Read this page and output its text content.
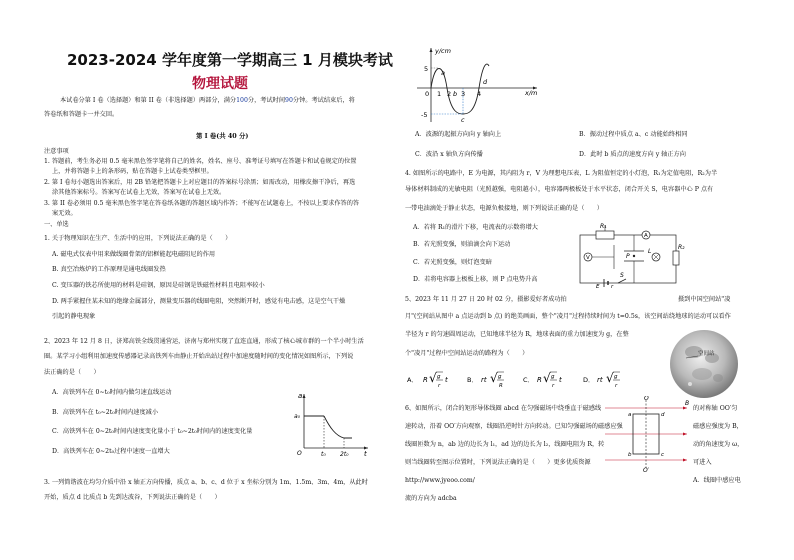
2023-2024 学年度第一学期高三 1 月模块考试
物理试题
本试卷分第 I 卷（选择题）和第 II 卷（非选择题）两部分，满分100分，考试时间90分钟。考试结束后，将
答卷纸和答题卡一并交回。
第 I 卷(共 40 分)
注意事项
1. 答题前，考生务必用 0.5 毫米黑色签字笔将自己的姓名，姓名、座号、准考证号填写在答题卡和试卷规定的位置
上，并将答题卡上的条形码，贴在答题卡上试卷类型框里。
2. 第 I 卷每小题选出答案后，用 2B 铅笔把答题卡上对应题目的答案标号涂黑；如需改动，用橡皮擦干净后，再选
涂其他答案标号。答案写在试卷上无效，答案写在试卷上无效。
3. 第 II 卷必须用 0.5 毫米黑色签字笔在答卷纸各题的答题区域内作答；不能写在试题卷上，不按以上要求作答的答
案无效。
一、单选
1. 关于物理知识在生产、生活中的应用，下列说法正确的是（　　）
A. 磁电式仪表中用来做线圈骨架的铝框能起电磁阻尼的作用
B. 真空冶炼炉的工作原理是通电线圈发热
C. 变压器的铁芯所使用的材料是硅钢，原因是硅钢是铁磁性材料且电阻率较小
D. 两手紧握住某未知的绝缘金属部分，测量变压器的线圈电阻，突然断开时，感觉有电击感，这是空气干燥
引起的静电现象
2、2023 年 12 月 8 日，济郑高铁全线贯通营运，济南与郑州实现了直连直通，形成了核心城市群的一个半小时生活
圈。某学习小组利用加速度传感器记录高铁列车由静止开始出站过程中加速度随时间的变化情况如图所示，下列说
法正确的是（　　）
A．高铁列车在 0~t₀时间内做匀速直线运动
B．高铁列车在 t₀~2t₀时间内速度减小
C．高铁列车在 0~2t₀时间内速度变化量小于 t₀~2t₀时间内的速度变化量
D．高铁列车在 0~2t₀过程中速度一直增大
a
a₀
O	t₀ 2t₀ t
3. 一列简谐波在均匀介质中沿 x 轴正方向传播，质点 a、b、c、d 位于 x 坐标分别为 1m、1.5m、3m、4m，从此时
开始，质点 d 比质点 b 先到达波谷，下列说法正确的是（　　）
y/cm
x/m
5
-5
0 1 2 3 4
a
b
c
d
A．波源的起振方向向 y 轴向上	B．振动过程中质点 a、c 动能始终相同
C．波沿 x 轴负方向传播	D．此时 b 质点的速度方向 y 轴正方向
4. 如图所示的电路中，E 为电源，其内阻为 r，V 为理想电压表，L 为阻值恒定的小灯泡，R₁为定值电阻，R₂为半
导体材料制成的光敏电阻（光照越强，电阻越小），电容器两极板处于水平状态，闭合开关 S，电容器中心 P 点有
一带电油滴处于静止状态，电源负极接地，则下列说法正确的是（　　）
A．若将 R₁的滑片下移，电流表的示数将增大
B．若光照变强，则油滴会向下运动
C．若光照变强，则灯泡变暗
D．若将电容器上极板上移，则 P 点电势升高
R₁
A
V	P
L
R₂
E r
S
5、2023 年 11 月 27 日 20 时 02 分，摄影爱好者成功拍	摄到中国空间站"凌
月"(空间站从图中 a 点运动到 b 点) 的绝美画面，整个"凌月"过程持续时间为 t=0.5s，该空间站绕地球的运动可以看作
半径为 r 的匀速圆周运动，已知地球半径为 R，地球表面的重力加速度为 g，在整
个"凌月"过程中空间站运动的路程为（　　）
A． R √ g
r
t	B． rt √ g
R
C． R √ g
r
t	D． rt √ g
r
空间站
6、如图所示，闭合的矩形导体线圈 abcd 在匀强磁场中绕垂直于磁感线	的对称轴 OO′匀
速转动，沿着 OO′方向观察，线圈沿逆时针方向转动。已知匀强磁场的磁感应强	磁感应强度为 B，
线圈匝数为 n，ab 边的边长为 l₁，ad 边的边长为 l₂，线圈电阻为 R，转	动的角速度为 ω，
则当线圈转至图示位置时，下列说法正确的是（　　）更多优质资源	可进入
http://www.jyeoo.com/	A．线圈中感应电
流的方向为 adcba
O
O′
B
a
b	c
d
